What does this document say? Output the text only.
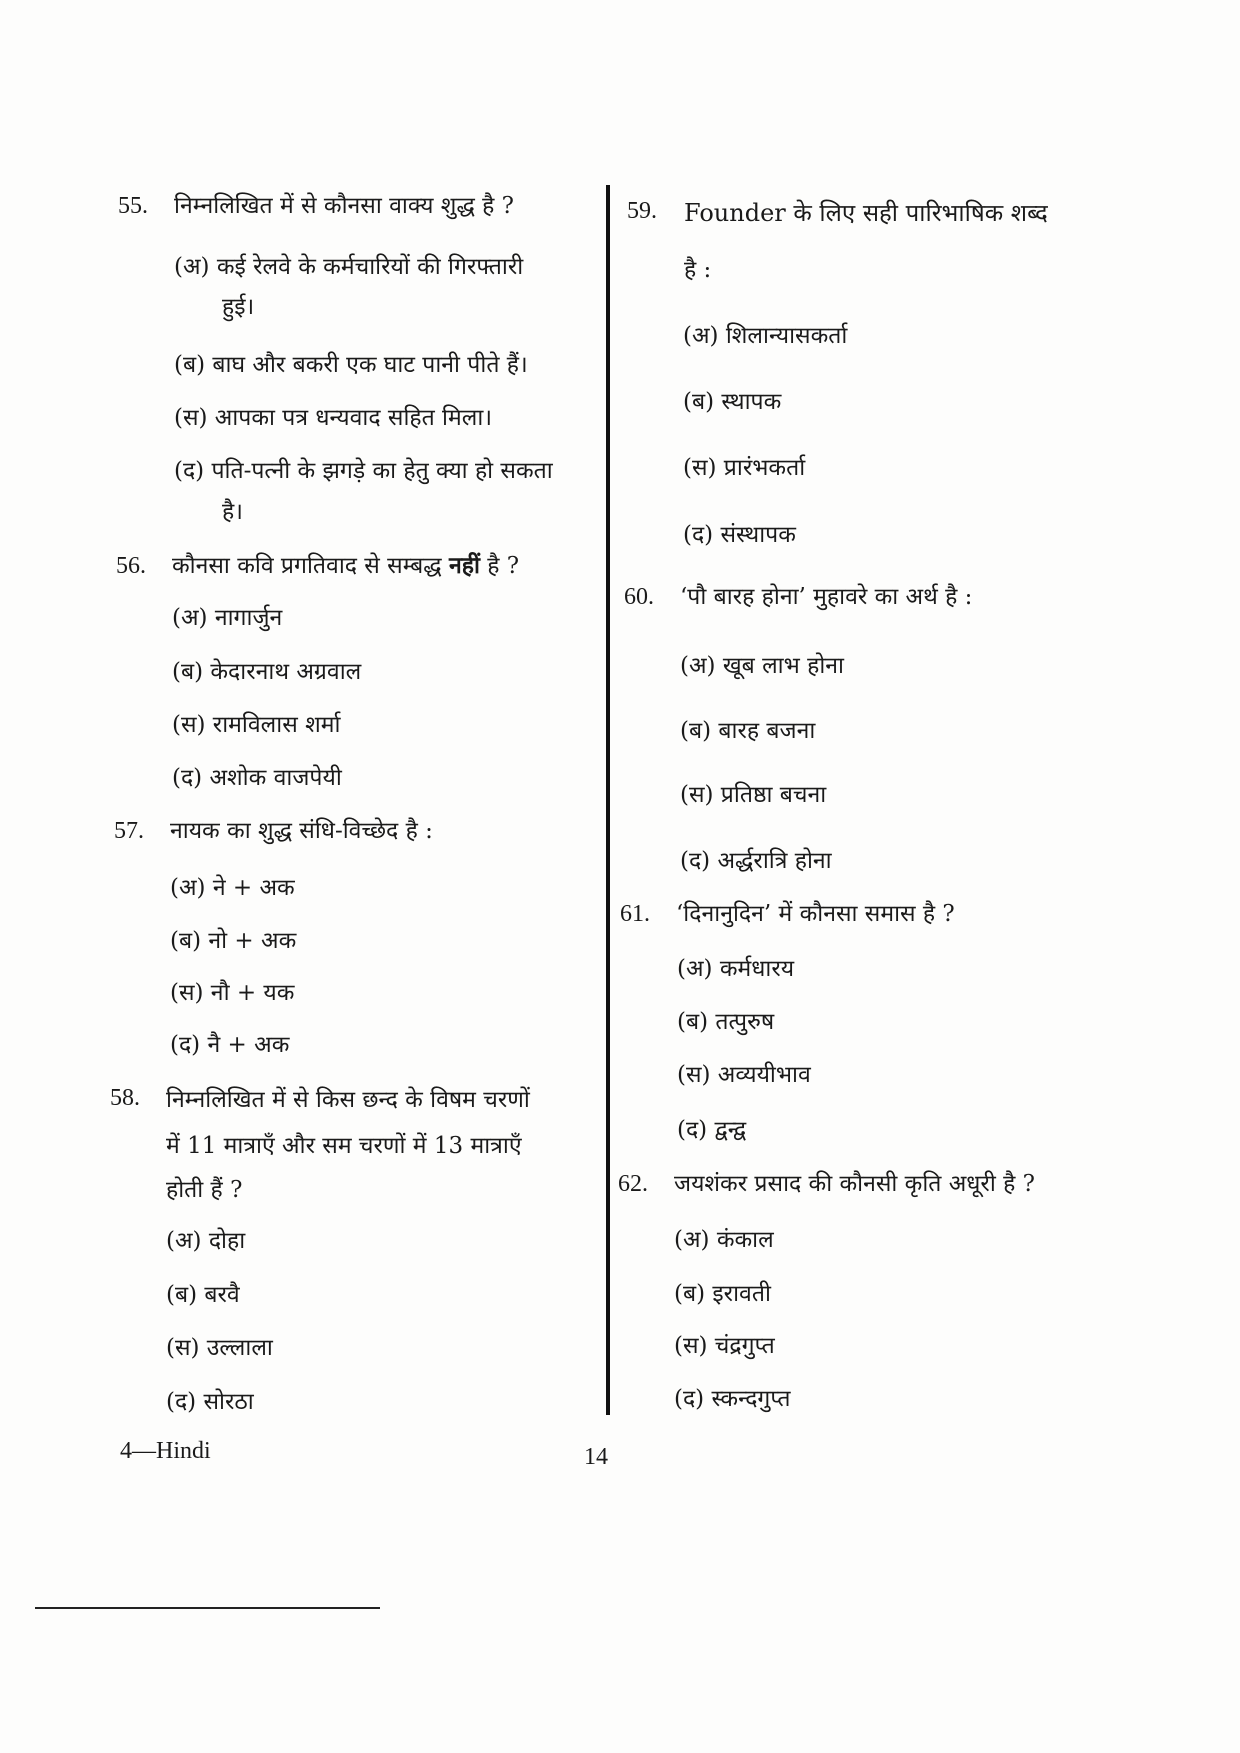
55. निम्नलिखित में से कौनसा वाक्य शुद्ध है ?
(अ) कई रेलवे के कर्मचारियों की गिरफ्तारी
हुई।
(ब) बाघ और बकरी एक घाट पानी पीते हैं।
(स) आपका पत्र धन्यवाद सहित मिला।
(द) पति-पत्नी के झगड़े का हेतु क्या हो सकता
है।
56. कौनसा कवि प्रगतिवाद से सम्बद्ध नहीं है ?
(अ) नागार्जुन
(ब) केदारनाथ अग्रवाल
(स) रामविलास शर्मा
(द) अशोक वाजपेयी
57. नायक का शुद्ध संधि-विच्छेद है :
(अ) ने + अक
(ब) नो + अक
(स) नौ + यक
(द) नै + अक
58. निम्नलिखित में से किस छन्द के विषम चरणों
में 11 मात्राएँ और सम चरणों में 13 मात्राएँ
होती हैं ?
(अ) दोहा
(ब) बरवै
(स) उल्लाला
(द) सोरठा
59. Founder के लिए सही पारिभाषिक शब्द
है :
(अ) शिलान्यासकर्ता
(ब) स्थापक
(स) प्रारंभकर्ता
(द) संस्थापक
60. ‘पौ बारह होना’ मुहावरे का अर्थ है :
(अ) खूब लाभ होना
(ब) बारह बजना
(स) प्रतिष्ठा बचना
(द) अर्द्धरात्रि होना
61. ‘दिनानुदिन’ में कौनसा समास है ?
(अ) कर्मधारय
(ब) तत्पुरुष
(स) अव्ययीभाव
(द) द्वन्द्व
62. जयशंकर प्रसाद की कौनसी कृति अधूरी है ?
(अ) कंकाल
(ब) इरावती
(स) चंद्रगुप्त
(द) स्कन्दगुप्त
4—Hindi	14
